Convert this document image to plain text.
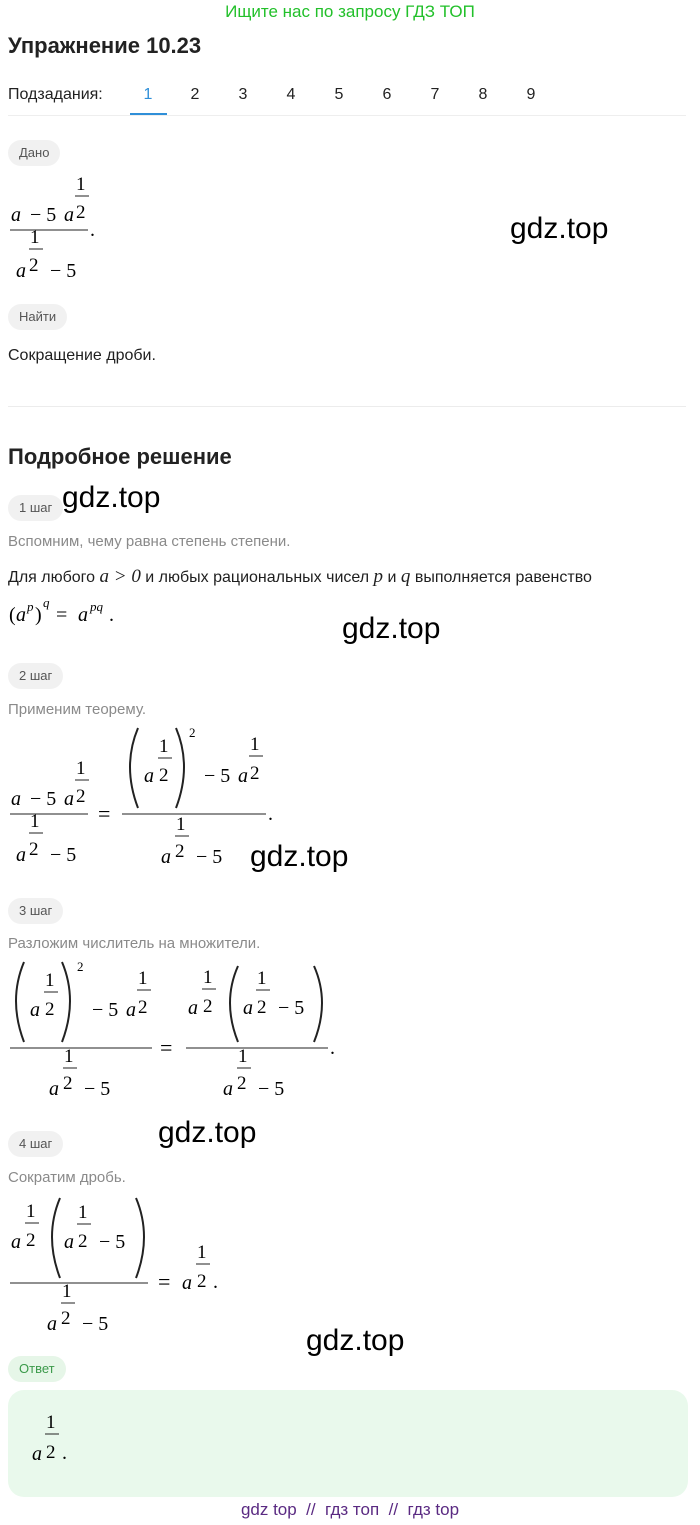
Ищите нас по запросу ГДЗ ТОП
Упражнение 10.23
Подзадания:	1	2	3	4	5	6	7	8	9
Дано
a − 5 a
1
2
1
a 2 − 5
.	gdz.top
Найти
Сокращение дроби.
Подробное решение
1 шаг gdz.top
Вспомним, чему равна степень степени.
Для любого a > 0 и любых рациональных чисел p и q выполняется равенство
( a p )
q
= a pq .	gdz.top
2 шаг
Применим теорему.
a − 5 a
1
2
1
a 2 − 5
=
a
1
2
2
− 5 a
1
2
1
a 2 − 5
.
gdz.top
3 шаг
Разложим числитель на множители.
a
1
2
2
− 5 a
1
2
1
a 2 − 5
=
a
1
2 a
1
2 − 5
1
a 2 − 5
.
gdz.top
4 шаг
Сократим дробь.
a
1
2 a
1
2 − 5
1
a 2 − 5
= a
1
2 .
gdz.top
Ответ
a
1
2 .
gdz top  //  гдз топ  //  гдз top
